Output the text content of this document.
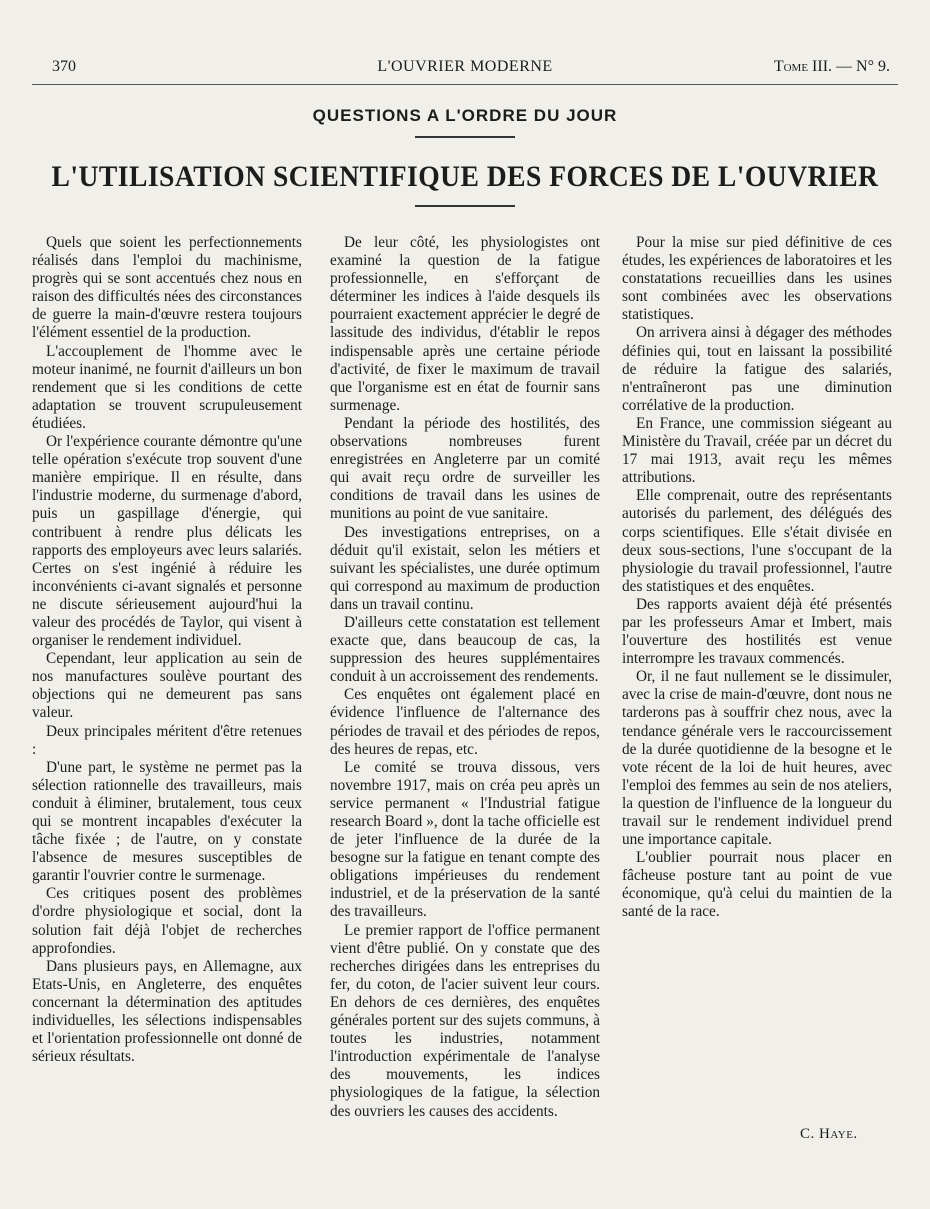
370	L'OUVRIER MODERNE	Tome III. — N° 9.
QUESTIONS A L'ORDRE DU JOUR
L'UTILISATION SCIENTIFIQUE DES FORCES DE L'OUVRIER

Quels que soient les perfectionnements réalisés dans l'emploi du machinisme, progrès qui se sont accentués chez nous en raison des difficultés nées des circonstances de guerre la main-d'œuvre restera toujours l'élément essentiel de la production.

L'accouplement de l'homme avec le moteur inanimé, ne fournit d'ailleurs un bon rendement que si les conditions de cette adaptation se trouvent scrupuleusement étudiées.

Or l'expérience courante démontre qu'une telle opération s'exécute trop souvent d'une manière empirique. Il en résulte, dans l'industrie moderne, du surmenage d'abord, puis un gaspillage d'énergie, qui contribuent à rendre plus délicats les rapports des employeurs avec leurs salariés. Certes on s'est ingénié à réduire les inconvénients ci-avant signalés et personne ne discute sérieusement aujourd'hui la valeur des procédés de Taylor, qui visent à organiser le rendement individuel.

Cependant, leur application au sein de nos manufactures soulève pourtant des objections qui ne demeurent pas sans valeur.

Deux principales méritent d'être retenues :

D'une part, le système ne permet pas la sélection rationnelle des travailleurs, mais conduit à éliminer, brutalement, tous ceux qui se montrent incapables d'exécuter la tâche fixée ; de l'autre, on y constate l'absence de mesures susceptibles de garantir l'ouvrier contre le surmenage.

Ces critiques posent des problèmes d'ordre physiologique et social, dont la solution fait déjà l'objet de recherches approfondies.

Dans plusieurs pays, en Allemagne, aux Etats-Unis, en Angleterre, des enquêtes concernant la détermination des aptitudes individuelles, les sélections indispensables et l'orientation professionnelle ont donné de sérieux résultats.

De leur côté, les physiologistes ont examiné la question de la fatigue professionnelle, en s'efforçant de déterminer les indices à l'aide desquels ils pourraient exactement apprécier le degré de lassitude des individus, d'établir le repos indispensable après une certaine période d'activité, de fixer le maximum de travail que l'organisme est en état de fournir sans surmenage.

Pendant la période des hostilités, des observations nombreuses furent enregistrées en Angleterre par un comité qui avait reçu ordre de surveiller les conditions de travail dans les usines de munitions au point de vue sanitaire.

Des investigations entreprises, on a déduit qu'il existait, selon les métiers et suivant les spécialistes, une durée optimum qui correspond au maximum de production dans un travail continu.

D'ailleurs cette constatation est tellement exacte que, dans beaucoup de cas, la suppression des heures supplémentaires conduit à un accroissement des rendements.

Ces enquêtes ont également placé en évidence l'influence de l'alternance des périodes de travail et des périodes de repos, des heures de repas, etc.

Le comité se trouva dissous, vers novembre 1917, mais on créa peu après un service permanent « l'Industrial fatigue research Board », dont la tache officielle est de jeter l'influence de la durée de la besogne sur la fatigue en tenant compte des obligations impérieuses du rendement industriel, et de la préservation de la santé des travailleurs.

Le premier rapport de l'office permanent vient d'être publié. On y constate que des recherches dirigées dans les entreprises du fer, du coton, de l'acier suivent leur cours. En dehors de ces dernières, des enquêtes générales portent sur des sujets communs, à toutes les industries, notamment l'introduction expérimentale de l'analyse des mouvements, les indices physiologiques de la fatigue, la sélection des ouvriers les causes des accidents.

Pour la mise sur pied définitive de ces études, les expériences de laboratoires et les constatations recueillies dans les usines sont combinées avec les observations statistiques.

On arrivera ainsi à dégager des méthodes définies qui, tout en laissant la possibilité de réduire la fatigue des salariés, n'entraîneront pas une diminution corrélative de la production.

En France, une commission siégeant au Ministère du Travail, créée par un décret du 17 mai 1913, avait reçu les mêmes attributions.

Elle comprenait, outre des représentants autorisés du parlement, des délégués des corps scientifiques. Elle s'était divisée en deux sous-sections, l'une s'occupant de la physiologie du travail professionnel, l'autre des statistiques et des enquêtes.

Des rapports avaient déjà été présentés par les professeurs Amar et Imbert, mais l'ouverture des hostilités est venue interrompre les travaux commencés.

Or, il ne faut nullement se le dissimuler, avec la crise de main-d'œuvre, dont nous ne tarderons pas à souffrir chez nous, avec la tendance générale vers le raccourcissement de la durée quotidienne de la besogne et le vote récent de la loi de huit heures, avec l'emploi des femmes au sein de nos ateliers, la question de l'influence de la longueur du travail sur le rendement individuel prend une importance capitale.

L'oublier pourrait nous placer en fâcheuse posture tant au point de vue économique, qu'à celui du maintien de la santé de la race.

C. Haye.
